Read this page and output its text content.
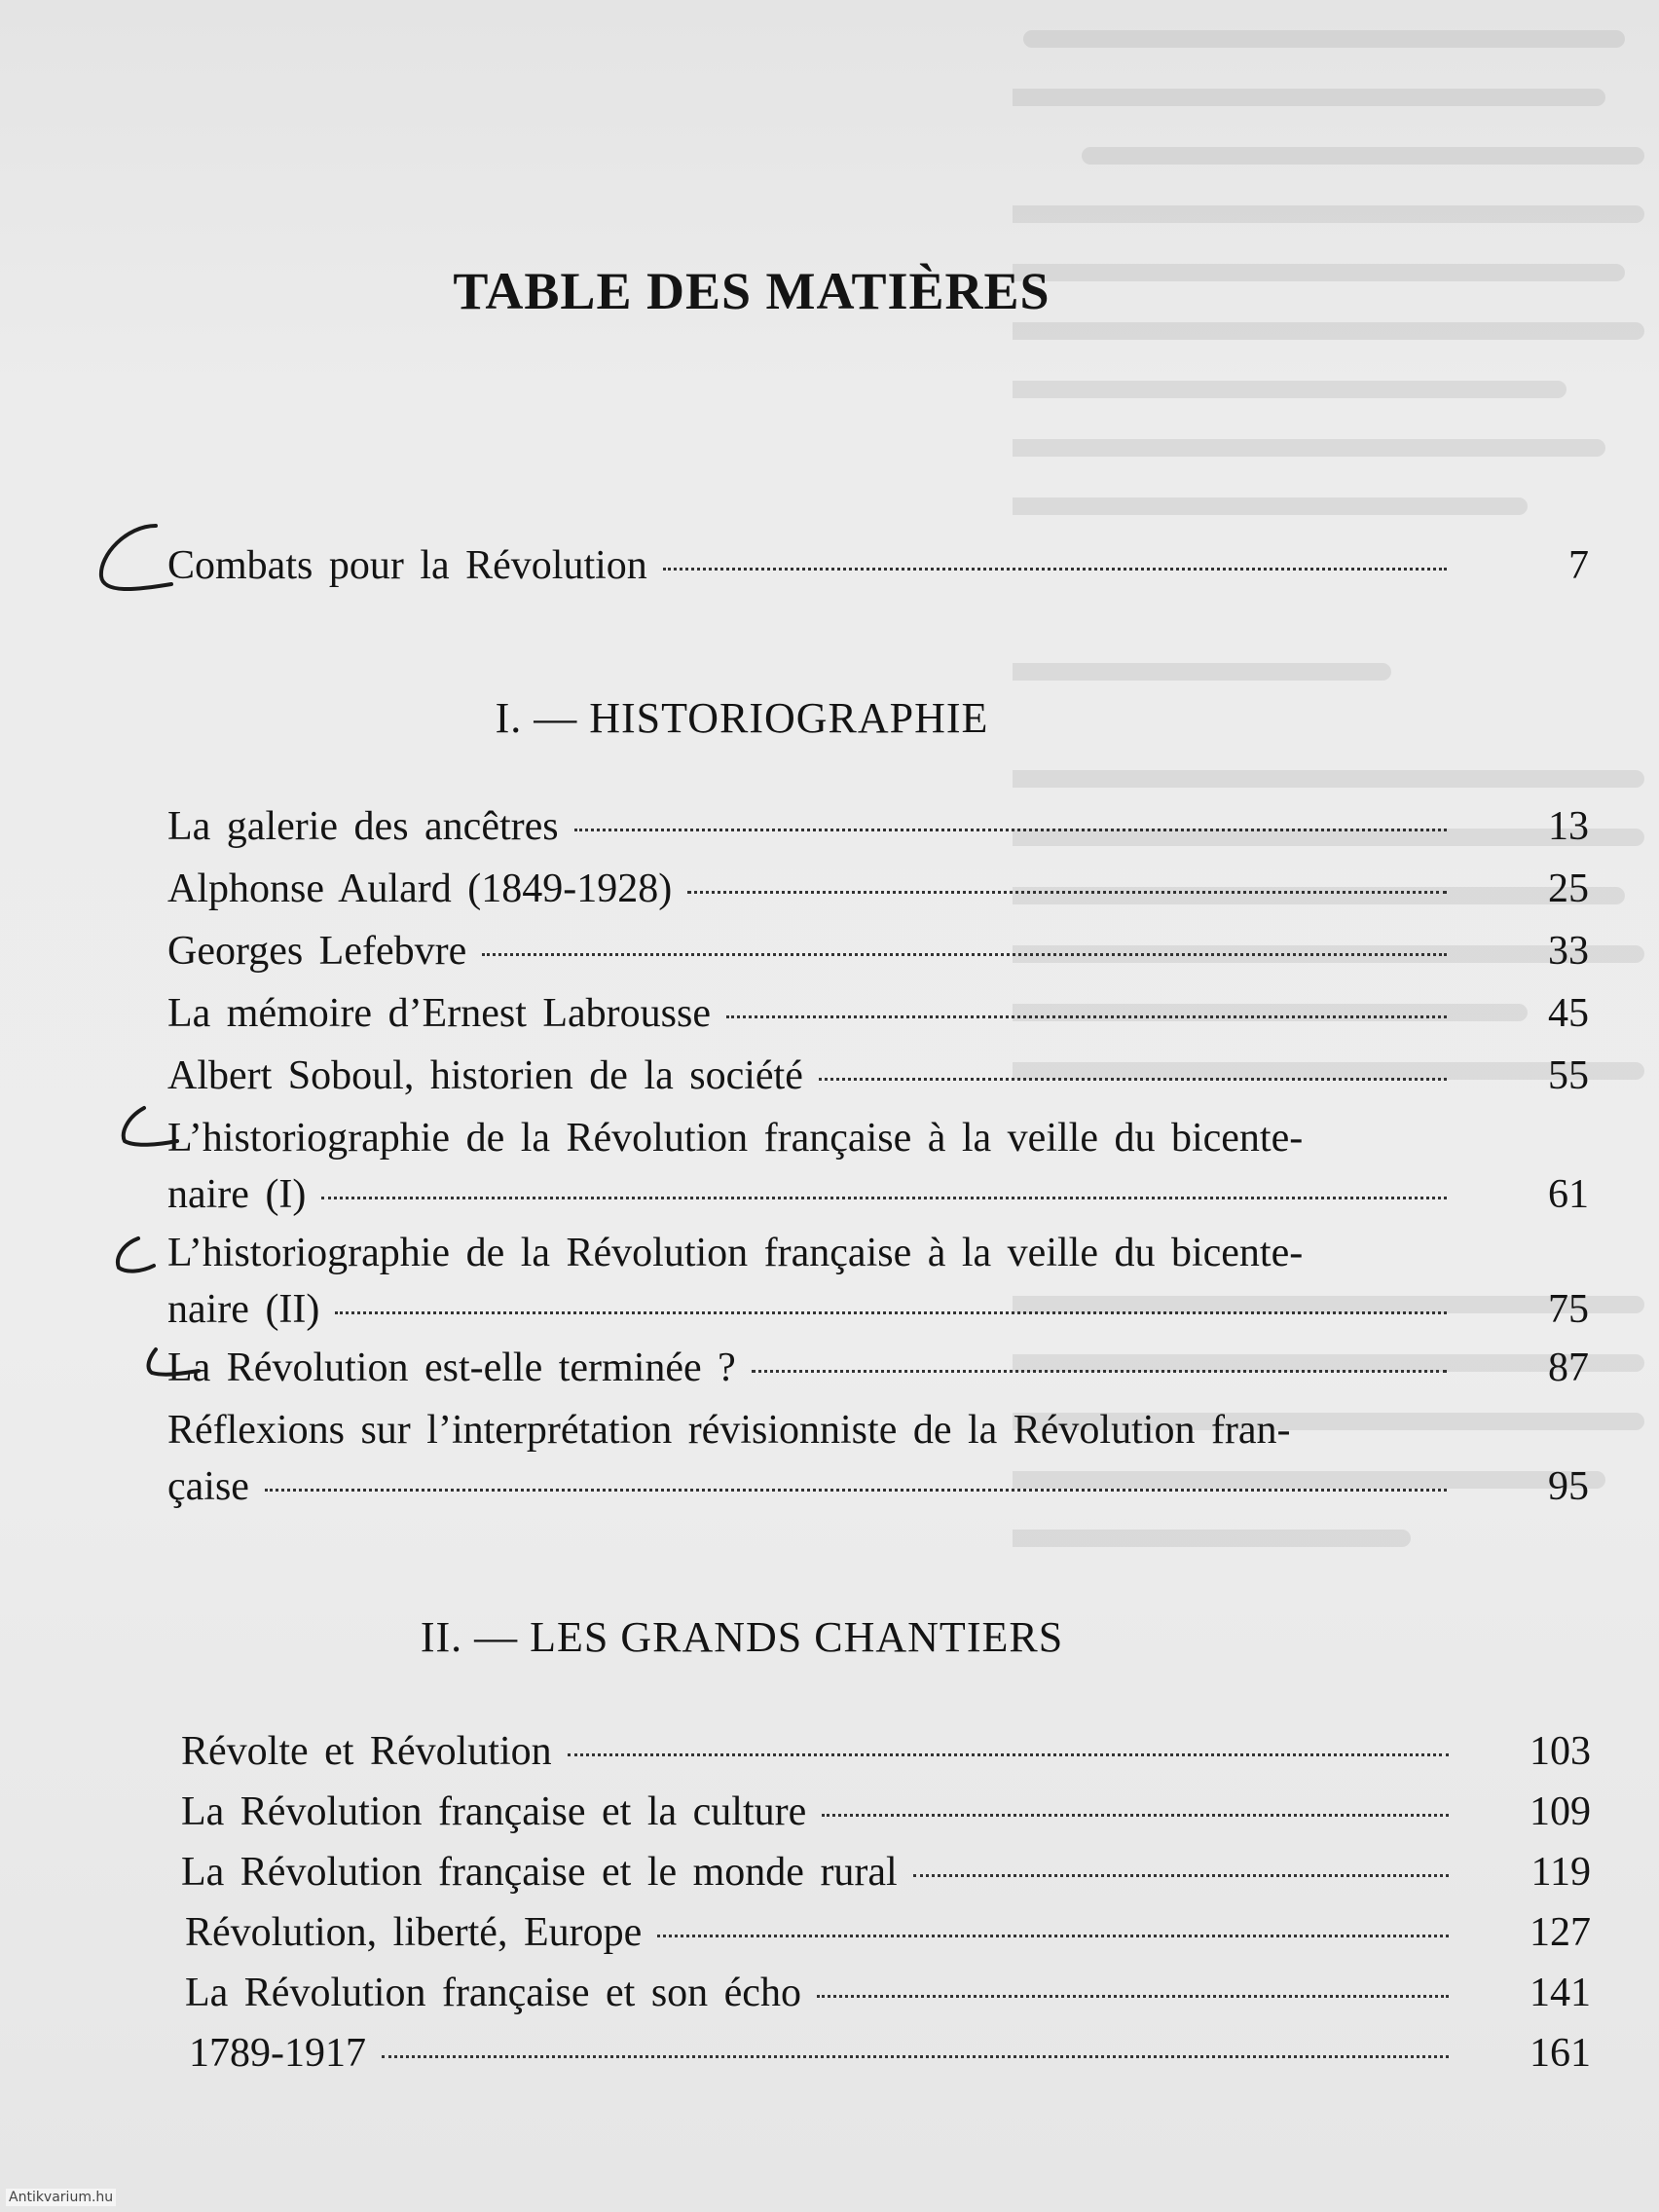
TABLE DES MATIÈRES
Combats pour la Révolution	7
I. — HISTORIOGRAPHIE
La galerie des ancêtres	13
Alphonse Aulard (1849-1928)	25
Georges Lefebvre	33
La mémoire d’Ernest Labrousse	45
Albert Soboul, historien de la société	55
L’historiographie de la Révolution française à la veille du bicente-
naire (I)	61
L’historiographie de la Révolution française à la veille du bicente-
naire (II)	75
La Révolution est-elle terminée ?	87
Réflexions sur l’interprétation révisionniste de la Révolution fran-
çaise	95
II. — LES GRANDS CHANTIERS
Révolte et Révolution	103
La Révolution française et la culture	109
La Révolution française et le monde rural	119
Révolution, liberté, Europe	127
La Révolution française et son écho	141
1789-1917	161
Antikvarium.hu
